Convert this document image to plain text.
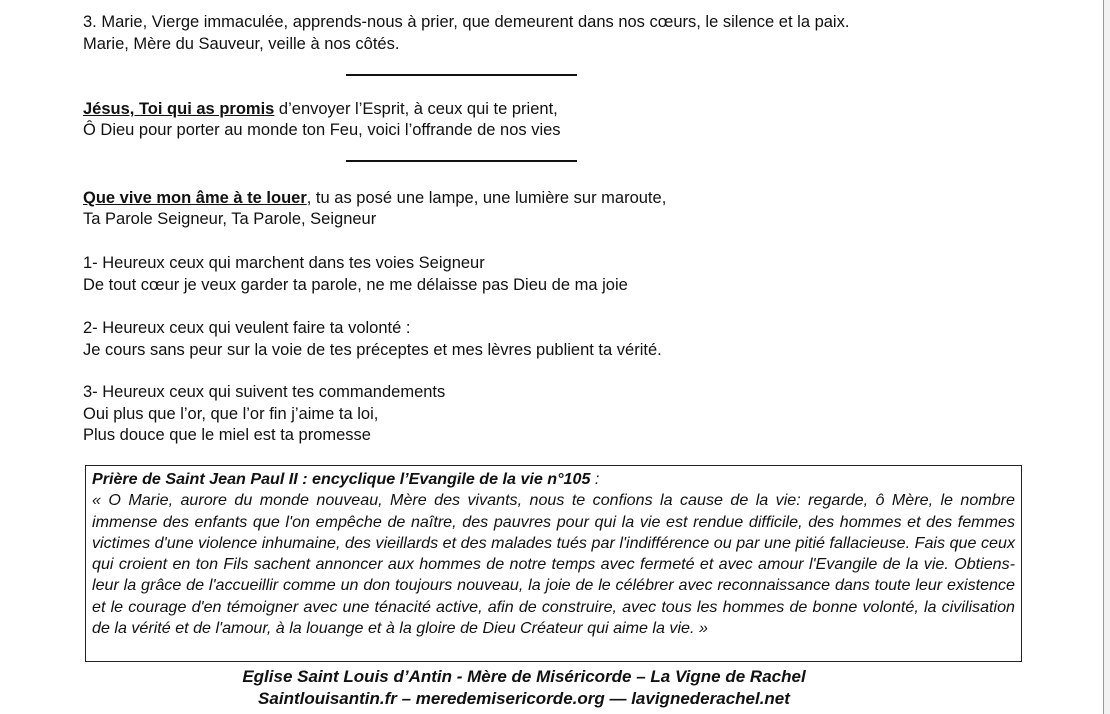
3. Marie, Vierge immaculée, apprends-nous à prier, que demeurent dans nos cœurs, le silence et la paix.
Marie, Mère du Sauveur, veille à nos côtés.
Jésus, Toi qui as promis d’envoyer l’Esprit, à ceux qui te prient,
Ô Dieu pour porter au monde ton Feu, voici l’offrande de nos vies
Que vive mon âme à te louer, tu as posé une lampe, une lumière sur maroute,
Ta Parole Seigneur, Ta Parole, Seigneur
1- Heureux ceux qui marchent dans tes voies Seigneur
De tout cœur je veux garder ta parole, ne me délaisse pas Dieu de ma joie
2- Heureux ceux qui veulent faire ta volonté :
Je cours sans peur sur la voie de tes préceptes et mes lèvres publient ta vérité.
3- Heureux ceux qui suivent tes commandements
Oui plus que l’or, que l’or fin j’aime ta loi,
Plus douce que le miel est ta promesse
Prière de Saint Jean Paul II : encyclique l’Evangile de la vie n°105 :
« O Marie, aurore du monde nouveau, Mère des vivants, nous te confions la cause de la vie: regarde, ô Mère, le nombre immense des enfants que l'on empêche de naître, des pauvres pour qui la vie est rendue difficile, des hommes et des femmes victimes d'une violence inhumaine, des vieillards et des malades tués par l'indifférence ou par une pitié fallacieuse. Fais que ceux qui croient en ton Fils sachent annoncer aux hommes de notre temps avec fermeté et avec amour l'Evangile de la vie. Obtiens-leur la grâce de l'accueillir comme un don toujours nouveau, la joie de le célébrer avec reconnaissance dans toute leur existence et le courage d'en témoigner avec une ténacité active, afin de construire, avec tous les hommes de bonne volonté, la civilisation de la vérité et de l'amour, à la louange et à la gloire de Dieu Créateur qui aime la vie. »
Eglise Saint Louis d’Antin - Mère de Miséricorde – La Vigne de Rachel
Saintlouisantin.fr – meredemisericorde.org — lavignederachel.net
